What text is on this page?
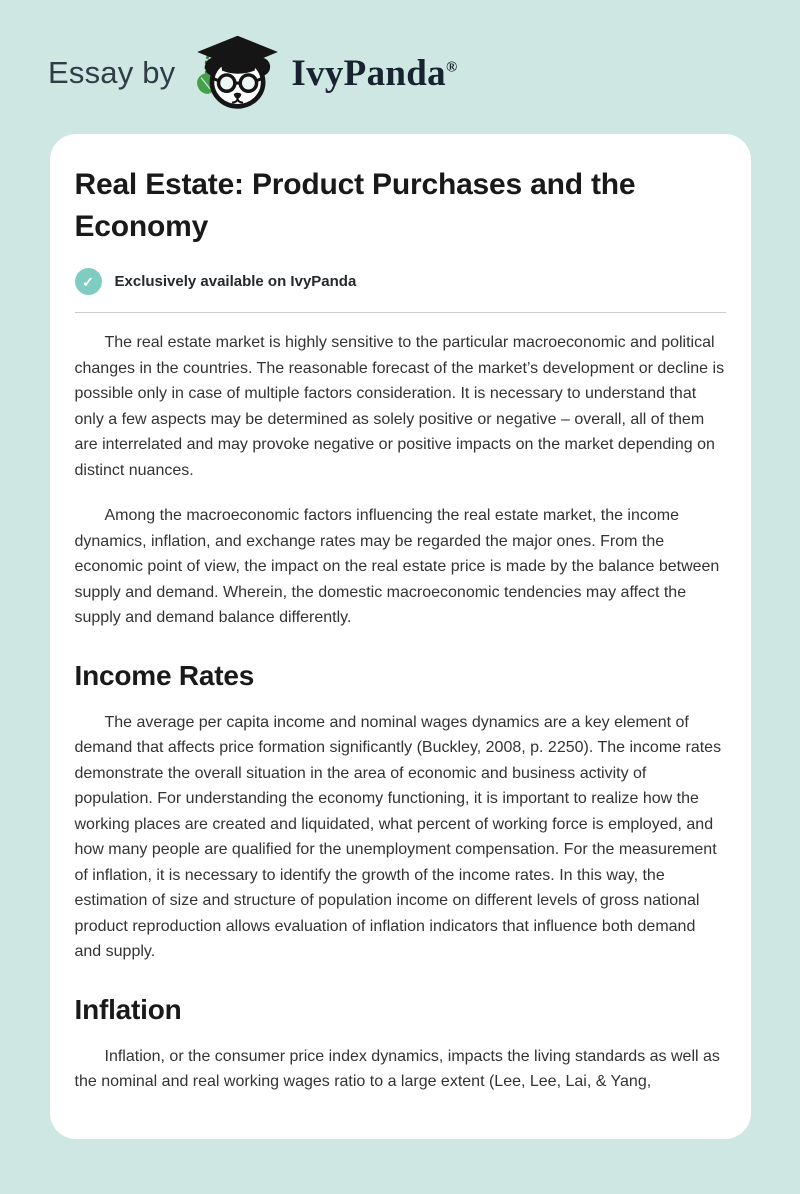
Essay by	IvyPanda®
Real Estate: Product Purchases and the Economy
✓	Exclusively available on IvyPanda

The real estate market is highly sensitive to the particular macroeconomic and political changes in the countries. The reasonable forecast of the market’s development or decline is possible only in case of multiple factors consideration. It is necessary to understand that only a few aspects may be determined as solely positive or negative – overall, all of them are interrelated and may provoke negative or positive impacts on the market depending on distinct nuances.

Among the macroeconomic factors influencing the real estate market, the income dynamics, inflation, and exchange rates may be regarded the major ones. From the economic point of view, the impact on the real estate price is made by the balance between supply and demand. Wherein, the domestic macroeconomic tendencies may affect the supply and demand balance differently.

Income Rates

The average per capita income and nominal wages dynamics are a key element of demand that affects price formation significantly (Buckley, 2008, p. 2250). The income rates demonstrate the overall situation in the area of economic and business activity of population. For understanding the economy functioning, it is important to realize how the working places are created and liquidated, what percent of working force is employed, and how many people are qualified for the unemployment compensation. For the measurement of inflation, it is necessary to identify the growth of the income rates. In this way, the estimation of size and structure of population income on different levels of gross national product reproduction allows evaluation of inflation indicators that influence both demand and supply.

Inflation

Inflation, or the consumer price index dynamics, impacts the living standards as well as the nominal and real working wages ratio to a large extent (Lee, Lee, Lai, & Yang,
